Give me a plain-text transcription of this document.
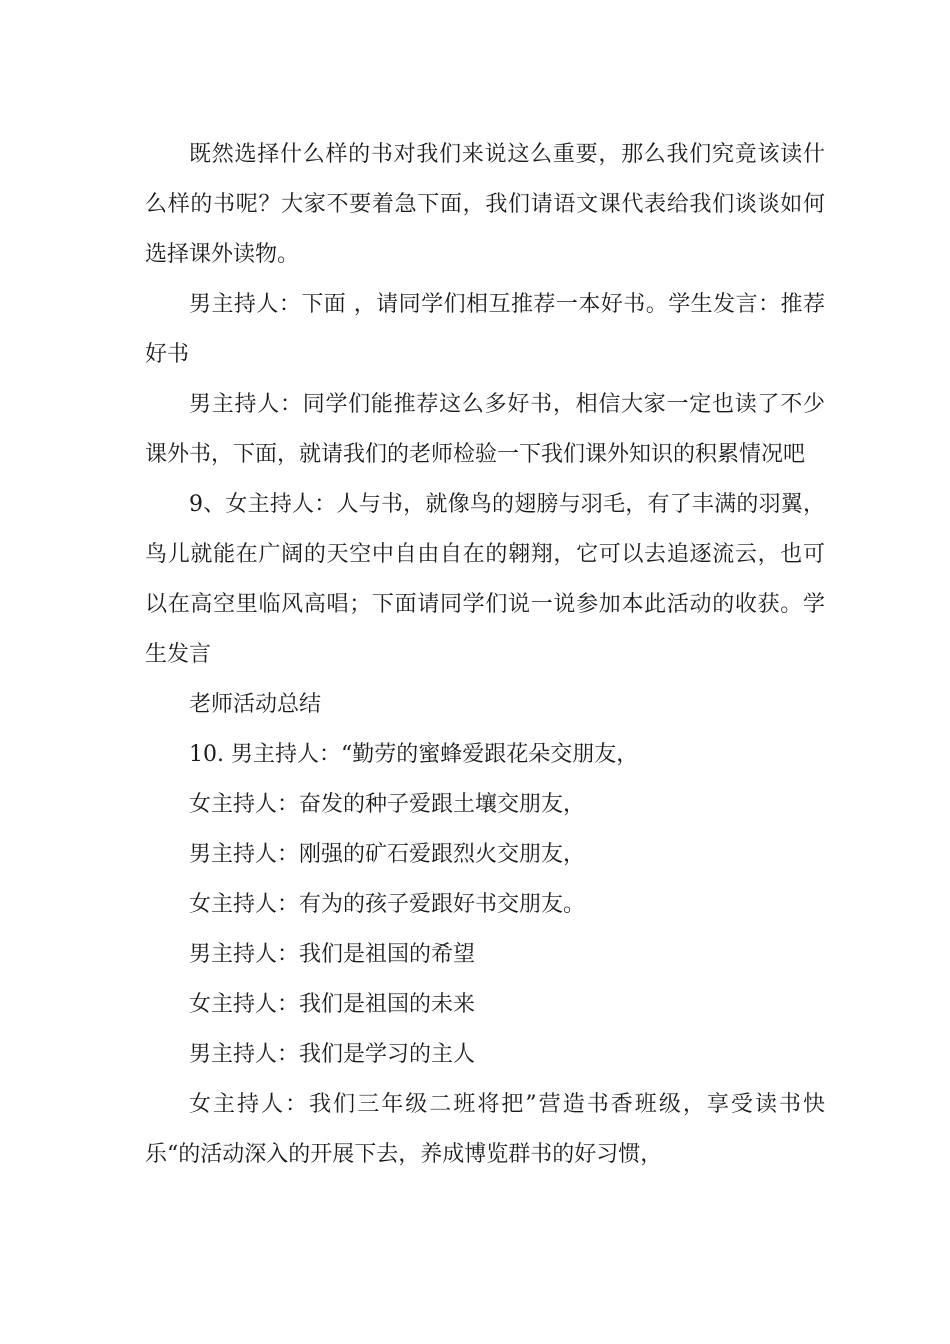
既然选择什么样的书对我们来说这么重要，那么我们究竟该读什么样的书呢？大家不要着急下面，我们请语文课代表给我们谈谈如何选择课外读物。

男主持人：下面 ，请同学们相互推荐一本好书。学生发言：推荐好书

男主持人：同学们能推荐这么多好书，相信大家一定也读了不少课外书，下面，就请我们的老师检验一下我们课外知识的积累情况吧

9、女主持人：人与书，就像鸟的翅膀与羽毛，有了丰满的羽翼，鸟儿就能在广阔的天空中自由自在的翱翔，它可以去追逐流云，也可以在高空里临风高唱；下面请同学们说一说参加本此活动的收获。学生发言

老师活动总结

10. 男主持人：“勤劳的蜜蜂爱跟花朵交朋友，

女主持人：奋发的种子爱跟土壤交朋友，

男主持人：刚强的矿石爱跟烈火交朋友，

女主持人：有为的孩子爱跟好书交朋友。

男主持人：我们是祖国的希望

女主持人：我们是祖国的未来

男主持人：我们是学习的主人

女主持人：我们三年级二班将把”营造书香班级，享受读书快乐“的活动深入的开展下去，养成博览群书的好习惯，
